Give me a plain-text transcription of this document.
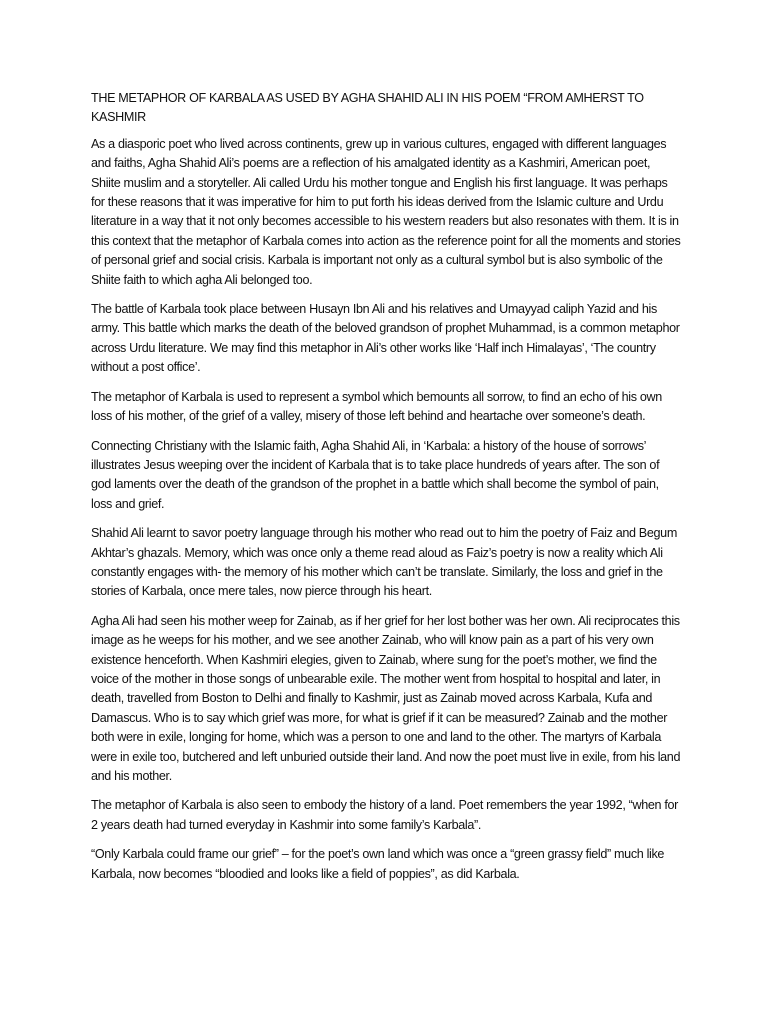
THE METAPHOR OF KARBALA AS USED BY AGHA SHAHID ALI IN HIS POEM “FROM AMHERST TO KASHMIR

As a diasporic poet who lived across continents, grew up in various cultures, engaged with different languages and faiths, Agha Shahid Ali’s poems are a reflection of his amalgated identity as a Kashmiri, American poet, Shiite muslim and a storyteller. Ali called Urdu his mother tongue and English his first language. It was perhaps for these reasons that it was imperative for him to put forth his ideas derived from the Islamic culture and Urdu literature in a way that it not only becomes accessible to his western readers but also resonates with them. It is in this context that the metaphor of Karbala comes into action as the reference point for all the moments and stories of personal grief and social crisis. Karbala is important not only as a cultural symbol but is also symbolic of the Shiite faith to which agha Ali belonged too.

The battle of Karbala took place between Husayn Ibn Ali and his relatives and Umayyad caliph Yazid and his army. This battle which marks the death of the beloved grandson of prophet Muhammad, is a common metaphor across Urdu literature. We may find this metaphor in Ali’s other works like ‘Half inch Himalayas’, ‘The country without a post office’.

The metaphor of Karbala is used to represent a symbol which bemounts all sorrow, to find an echo of his own loss of his mother, of the grief of a valley, misery of those left behind and heartache over someone’s death.

Connecting Christiany with the Islamic faith, Agha Shahid Ali, in ‘Karbala: a history of the house of sorrows’ illustrates Jesus weeping over the incident of Karbala that is to take place hundreds of years after. The son of god laments over the death of the grandson of the prophet in a battle which shall become the symbol of pain, loss and grief.

Shahid Ali learnt to savor poetry language through his mother who read out to him the poetry of Faiz and Begum Akhtar’s ghazals. Memory, which was once only a theme read aloud as Faiz’s poetry is now a reality which Ali constantly engages with- the memory of his mother which can’t be translate. Similarly, the loss and grief in the stories of Karbala, once mere tales, now pierce through his heart.

Agha Ali had seen his mother weep for Zainab, as if her grief for her lost bother was her own. Ali reciprocates this image as he weeps for his mother, and we see another Zainab, who will know pain as a part of his very own existence henceforth. When Kashmiri elegies, given to Zainab, where sung for the poet’s mother, we find the voice of the mother in those songs of unbearable exile. The mother went from hospital to hospital and later, in death, travelled from Boston to Delhi and finally to Kashmir, just as Zainab moved across Karbala, Kufa and Damascus. Who is to say which grief was more, for what is grief if it can be measured? Zainab and the mother both were in exile, longing for home, which was a person to one and land to the other. The martyrs of Karbala were in exile too, butchered and left unburied outside their land. And now the poet must live in exile, from his land and his mother.

The metaphor of Karbala is also seen to embody the history of a land. Poet remembers the year 1992, “when for 2 years death had turned everyday in Kashmir into some family’s Karbala”.

“Only Karbala could frame our grief” – for the poet’s own land which was once a “green grassy field” much like Karbala, now becomes “bloodied and looks like a field of poppies”, as did Karbala.
